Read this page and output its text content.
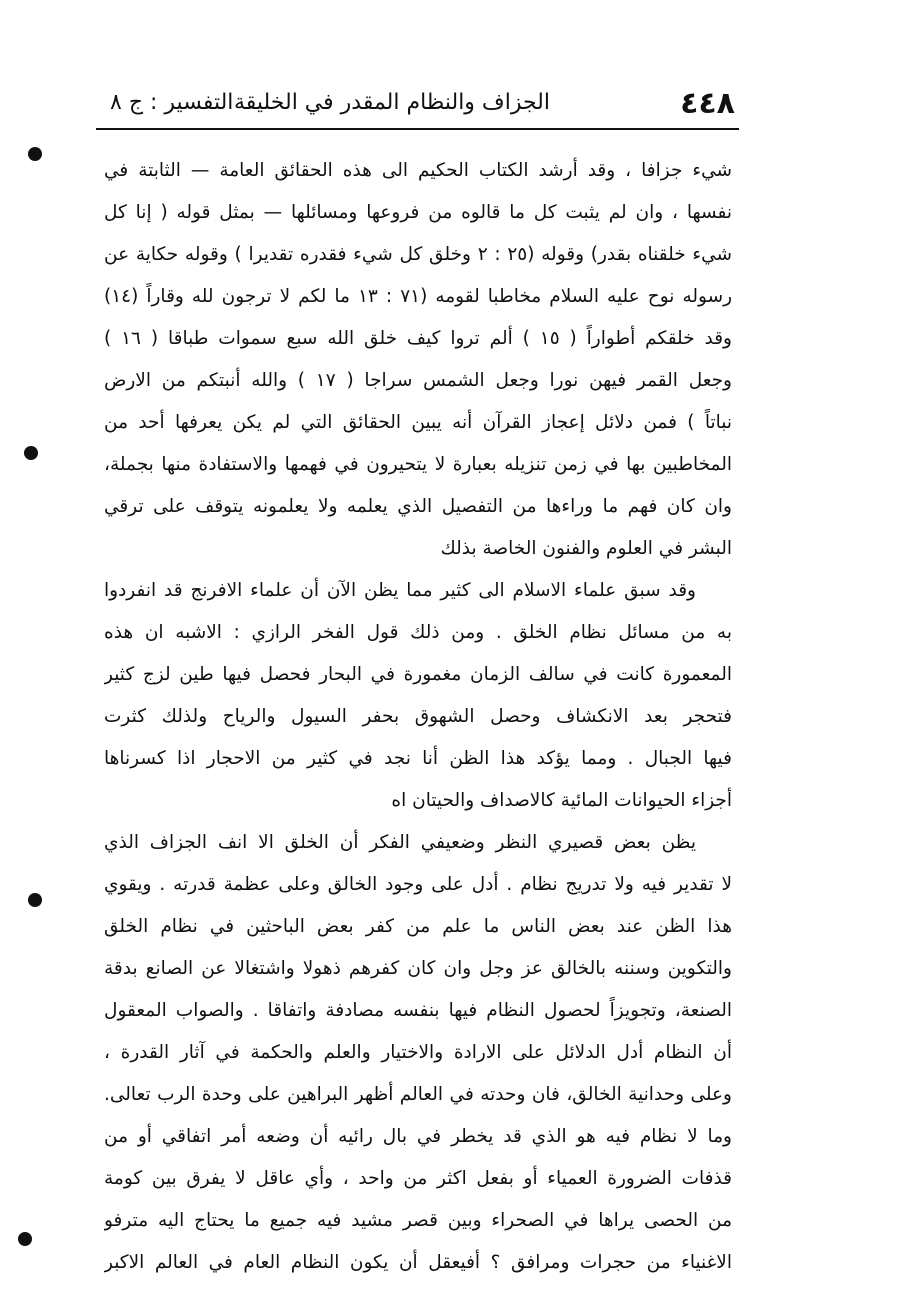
٤٤٨
الجزاف والنظام المقدر في الخليقة
التفسير : ج ٨
شيء جزافا ، وقد أرشد الكتاب الحكيم الى هذه الحقائق العامة — الثابتة في
نفسها ، وان لم يثبت كل ما قالوه من فروعها ومسائلها — بمثل قوله ( إنا كل
شيء خلقناه بقدر) وقوله (٢٥ : ٢ وخلق كل شيء فقدره تقديرا ) وقوله حكاية عن
رسوله نوح عليه السلام مخاطبا لقومه (٧١ : ١٣ ما لكم لا ترجون لله وقاراً (١٤)
وقد خلقكم أطواراً ( ١٥ ) ألم تروا كيف خلق الله سبع سموات طباقا ( ١٦ )
وجعل القمر فيهن نورا وجعل الشمس سراجا ( ١٧ ) والله أنبتكم من الارض
نباتاً ) فمن دلائل إعجاز القرآن أنه يبين الحقائق التي لم يكن يعرفها أحد من
المخاطبين بها في زمن تنزيله بعبارة لا يتحيرون في فهمها والاستفادة منها بجملة،
وان كان فهم ما وراءها من التفصيل الذي يعلمه ولا يعلمونه يتوقف على ترقي
البشر في العلوم والفنون الخاصة بذلك
وقد سبق علماء الاسلام الى كثير مما يظن الآن أن علماء الافرنج قد انفردوا
به من مسائل نظام الخلق . ومن ذلك قول الفخر الرازي : الاشبه ان هذه
المعمورة كانت في سالف الزمان مغمورة في البحار فحصل فيها طين لزج كثير
فتحجر بعد الانكشاف وحصل الشهوق بحفر السيول والرياح ولذلك كثرت
فيها الجبال . ومما يؤكد هذا الظن أنا نجد في كثير من الاحجار اذا كسرناها
أجزاء الحيوانات المائية كالاصداف والحيتان اه
يظن بعض قصيري النظر وضعيفي الفكر أن الخلق الا انف الجزاف الذي
لا تقدير فيه ولا تدريج نظام . أدل على وجود الخالق وعلى عظمة قدرته . ويقوي
هذا الظن عند بعض الناس ما علم من كفر بعض الباحثين في نظام الخلق
والتكوين وسننه بالخالق عز وجل وان كان كفرهم ذهولا واشتغالا عن الصانع بدقة
الصنعة، وتجويزاً لحصول النظام فيها بنفسه مصادفة واتفاقا . والصواب المعقول
أن النظام أدل الدلائل على الارادة والاختيار والعلم والحكمة في آثار القدرة ،
وعلى وحدانية الخالق، فان وحدته في العالم أظهر البراهين على وحدة الرب تعالى.
وما لا نظام فيه هو الذي قد يخطر في بال رائيه أن وضعه أمر اتفاقي أو من
قذفات الضرورة العمياء أو بفعل اكثر من واحد ، وأي عاقل لا يفرق بين كومة
من الحصى يراها في الصحراء وبين قصر مشيد فيه جميع ما يحتاج اليه مترفو
الاغنياء من حجرات ومرافق ؟ أفيعقل أن يكون النظام العام في العالم الاكبر
